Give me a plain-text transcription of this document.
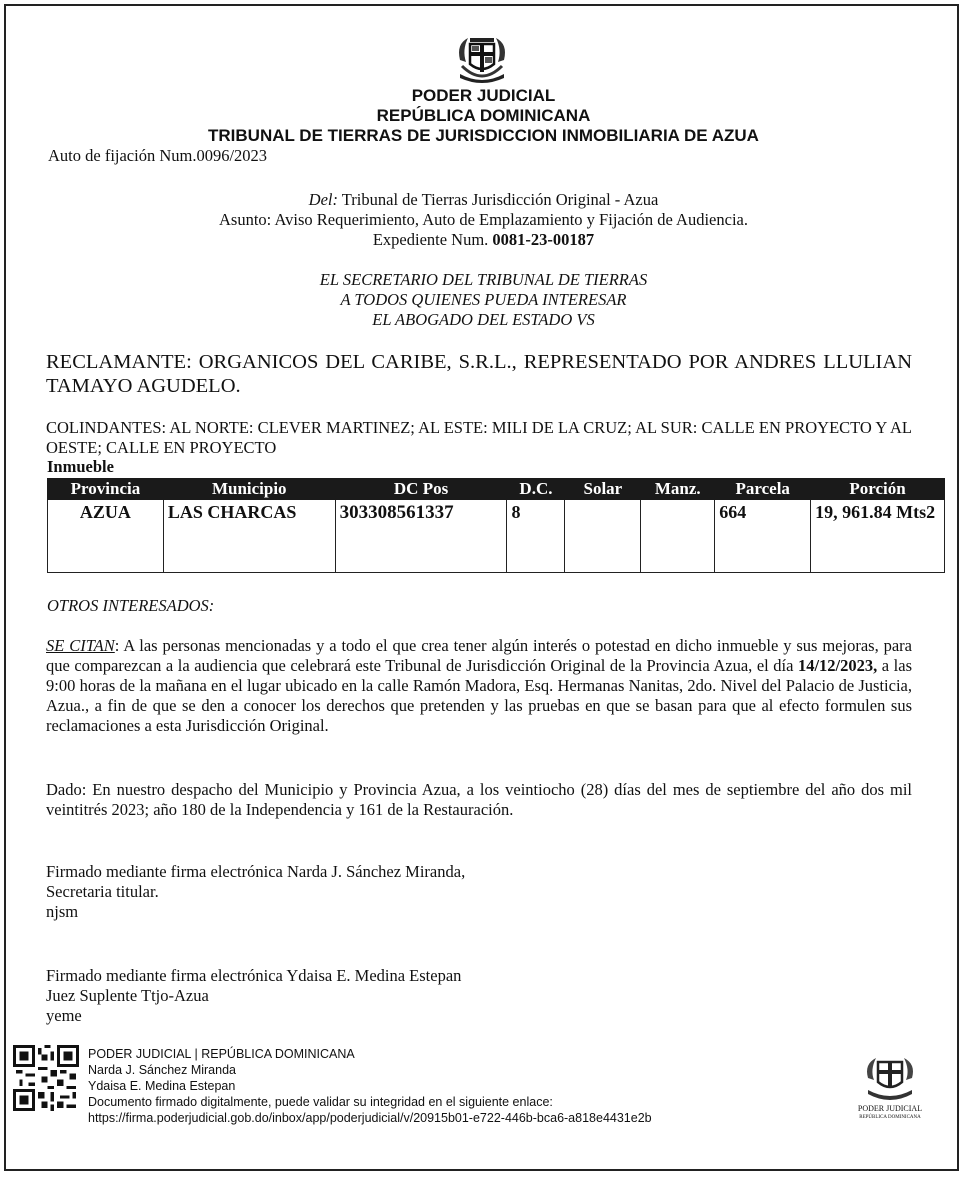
PODER JUDICIAL
REPÚBLICA DOMINICANA
TRIBUNAL DE TIERRAS DE JURISDICCION INMOBILIARIA DE AZUA
Auto de fijación Num.0096/2023
Del: Tribunal de Tierras Jurisdicción Original - Azua
Asunto: Aviso Requerimiento, Auto de Emplazamiento y Fijación de Audiencia.
Expediente Num. 0081-23-00187
EL SECRETARIO DEL TRIBUNAL DE TIERRAS
A TODOS QUIENES PUEDA INTERESAR
EL ABOGADO DEL ESTADO VS
RECLAMANTE: ORGANICOS DEL CARIBE, S.R.L., REPRESENTADO POR ANDRES LLULIAN TAMAYO AGUDELO.
COLINDANTES: AL NORTE: CLEVER MARTINEZ; AL ESTE: MILI DE LA CRUZ; AL SUR: CALLE EN PROYECTO Y AL OESTE; CALLE EN PROYECTO
Inmueble
Provincia	Municipio	DC Pos	D.C.	Solar	Manz.	Parcela	Porción
AZUA	LAS CHARCAS	303308561337	8			664	19, 961.84 Mts2
OTROS INTERESADOS:
SE CITAN: A las personas mencionadas y a todo el que crea tener algún interés o potestad en dicho inmueble y sus mejoras, para que comparezcan a la audiencia que celebrará este Tribunal de Jurisdicción Original de la Provincia Azua, el día 14/12/2023, a las 9:00 horas de la mañana en el lugar ubicado en la calle Ramón Madora, Esq. Hermanas Nanitas, 2do. Nivel del Palacio de Justicia, Azua., a fin de que se den a conocer los derechos que pretenden y las pruebas en que se basan para que al efecto formulen sus reclamaciones a esta Jurisdicción Original.
Dado: En nuestro despacho del Municipio y Provincia Azua, a los veintiocho (28) días del mes de septiembre del año dos mil veintitrés 2023; año 180 de la Independencia y 161 de la Restauración.
Firmado mediante firma electrónica Narda J. Sánchez Miranda,
Secretaria titular.
njsm
Firmado mediante firma electrónica Ydaisa E. Medina Estepan
Juez Suplente Ttjo-Azua
yeme
PODER JUDICIAL | REPÚBLICA DOMINICANA
Narda J. Sánchez Miranda
Ydaisa E. Medina Estepan
Documento firmado digitalmente, puede validar su integridad en el siguiente enlace:
https://firma.poderjudicial.gob.do/inbox/app/poderjudicial/v/20915b01-e722-446b-bca6-a818e4431e2b
PODER JUDICIAL
REPÚBLICA DOMINICANA
